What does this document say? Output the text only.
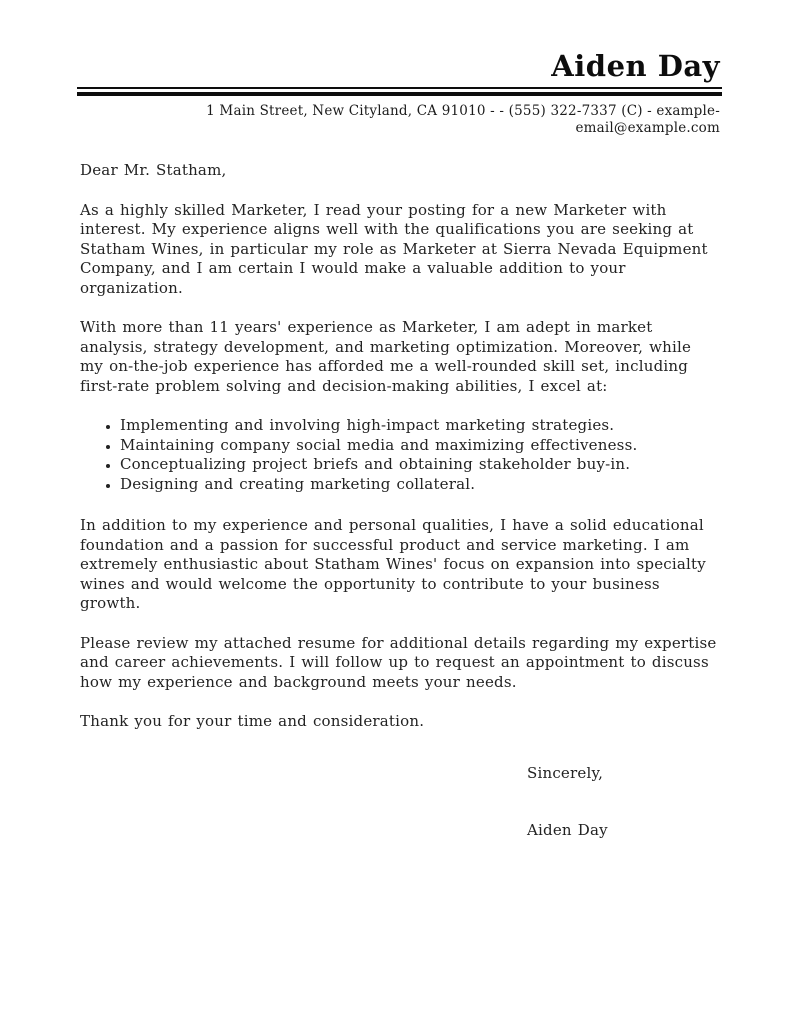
Aiden Day
1 Main Street, New Cityland, CA 91010 - - (555) 322-7337 (C) - example-email@example.com

Dear Mr. Statham,

As a highly skilled Marketer, I read your posting for a new Marketer with interest. My experience aligns well with the qualifications you are seeking at Statham Wines, in particular my role as Marketer at Sierra Nevada Equipment Company, and I am certain I would make a valuable addition to your organization.

With more than 11 years' experience as Marketer, I am adept in market analysis, strategy development, and marketing optimization. Moreover, while my on-the-job experience has afforded me a well-rounded skill set, including first-rate problem solving and decision-making abilities, I excel at:

• Implementing and involving high-impact marketing strategies.
• Maintaining company social media and maximizing effectiveness.
• Conceptualizing project briefs and obtaining stakeholder buy-in.
• Designing and creating marketing collateral.

In addition to my experience and personal qualities, I have a solid educational foundation and a passion for successful product and service marketing. I am extremely enthusiastic about Statham Wines' focus on expansion into specialty wines and would welcome the opportunity to contribute to your business growth.

Please review my attached resume for additional details regarding my expertise and career achievements. I will follow up to request an appointment to discuss how my experience and background meets your needs.

Thank you for your time and consideration.

Sincerely,

Aiden Day
